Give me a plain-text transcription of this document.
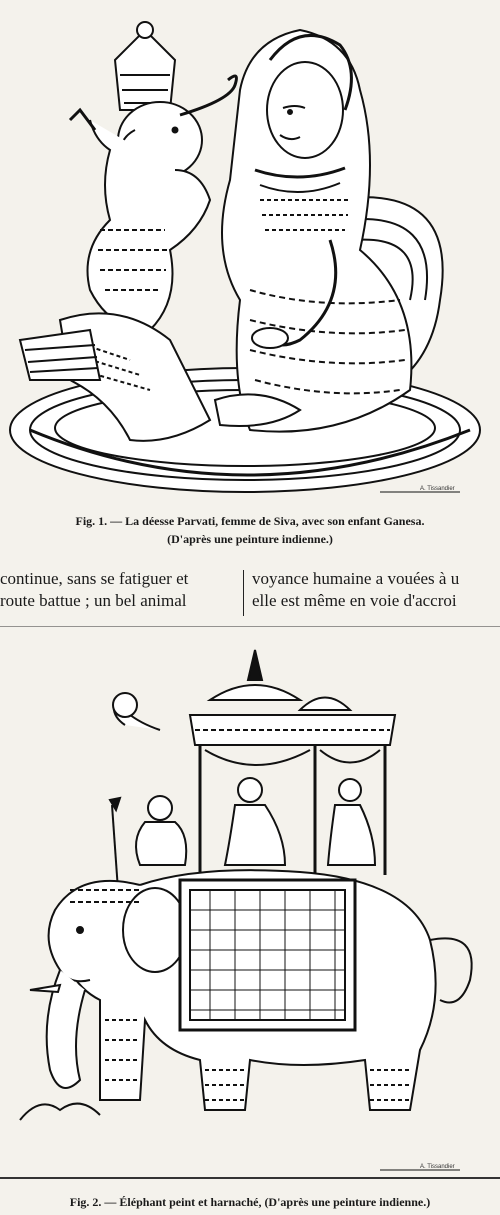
A. Tissandier
Fig. 1. — La déesse Parvati, femme de Siva, avec son enfant Ganesa.
(D'après une peinture indienne.)
continue, sans se fatiguer et
route battue ; un bel animal
voyance humaine a vouées à u
elle est même en voie d'accroi
A. Tissandier
Fig. 2. — Éléphant peint et harnaché, (D'après une peinture indienne.)
